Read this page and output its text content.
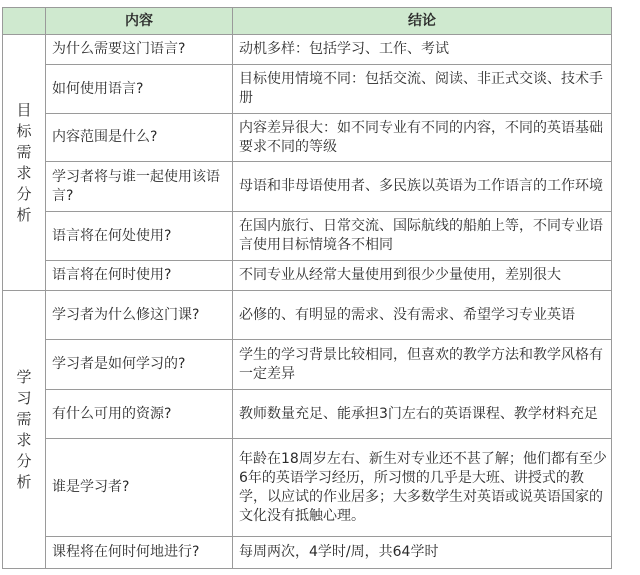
	内容	结论
目标需求分析	为什么需要这门语言?	动机多样：包括学习、工作、考试
	如何使用语言?	目标使用情境不同：包括交流、阅读、非正式交谈、技术手册
	内容范围是什么?	内容差异很大：如不同专业有不同的内容，不同的英语基础要求不同的等级
	学习者将与谁一起使用该语言?	母语和非母语使用者、多民族以英语为工作语言的工作环境
	语言将在何处使用?	在国内旅行、日常交流、国际航线的船舶上等，不同专业语言使用目标情境各不相同
	语言将在何时使用?	不同专业从经常大量使用到很少少量使用，差别很大
学习需求分析	学习者为什么修这门课?	必修的、有明显的需求、没有需求、希望学习专业英语
	学习者是如何学习的?	学生的学习背景比较相同，但喜欢的教学方法和教学风格有一定差异
	有什么可用的资源?	教师数量充足、能承担3门左右的英语课程、教学材料充足
	谁是学习者?	年龄在18周岁左右、新生对专业还不甚了解；他们都有至少6年的英语学习经历，所习惯的几乎是大班、讲授式的教学，以应试的作业居多；大多数学生对英语或说英语国家的文化没有抵触心理。
	课程将在何时何地进行?	每周两次，4学时/周，共64学时
